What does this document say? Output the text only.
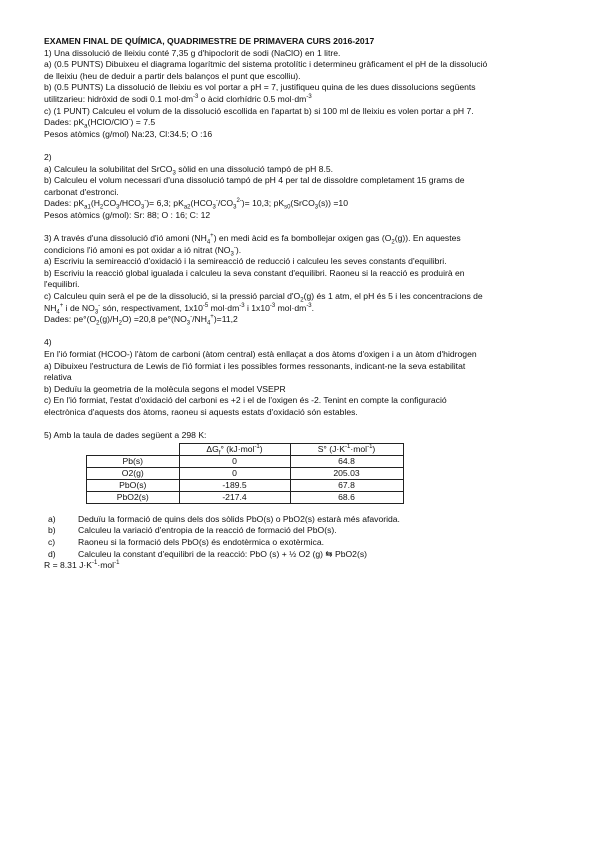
EXAMEN FINAL DE QUÍMICA, QUADRIMESTRE DE PRIMAVERA CURS 2016-2017

1) Una dissolució de lleixiu conté 7,35 g d'hipoclorit de sodi (NaClO) en 1 litre.

a) (0.5 PUNTS) Dibuixeu el diagrama logarítmic del sistema protolític i determineu gràficament el pH de la dissolució

de lleixiu (heu de deduir a partir dels balanços el punt que escolliu).

b) (0.5 PUNTS) La dissolució de lleixiu es vol portar a pH = 7, justifiqueu quina de les dues dissolucions següents

utilitzarieu: hidròxid de sodi 0.1 $mol\cdot dm^{-3}$ o àcid clorhídric 0.5 $mol\cdot dm^{-3}$

c) (1 PUNT) Calculeu el volum de la dissolució escollida en l'apartat b) si 100 ml de lleixiu es volen portar a pH 7.

Dades: $pK_a(HClO/ClO^-) = 7.5$

Pesos atòmics (g/mol) Na:23, Cl:34.5; O :16

2)

a) Calculeu la solubilitat del SrCO$_3$ sòlid en una dissolució tampó de pH 8.5.

b) Calculeu el volum necessari d'una dissolució tampó de pH 4 per tal de dissoldre completament 15 grams de

carbonat d'estronci.

Dades: $pK_{a1}(H_2CO_3/HCO_3^-)= 6,3$; $pK_{a2}(HCO_3^-/CO_3^{2-})= 10,3$; $pK_{s0}(SrCO_3(s)) =10$

Pesos atòmics (g/mol): Sr: 88; O : 16; C: 12

3) A través d'una dissolució d'ió amoni $(NH_4^+)$ en medi àcid es fa bombollejar oxigen gas $(O_2(g))$. En aquestes

condicions l'ió amoni es pot oxidar a ió nitrat $(NO_3^-)$.

a) Escriviu la semireacció d'oxidació i la semireacció de reducció i calculeu les seves constants d'equilibri.

b) Escriviu la reacció global igualada i calculeu la seva constant d'equilibri. Raoneu si la reacció es produirà en

l'equilibri.

c) Calculeu quin serà el pe de la dissolució, si la pressió parcial $d'O_2(g)$ és 1 atm, el pH és 5 i les concentracions de

$NH_4^+$ i de $NO_3^-$ són, respectivament, $1x10^{-5}$ $mol\cdot dm^{-3}$ i $1x10^{-3}$ $mol\cdot dm^{-3}$.

Dades: $pe^\circ(O_2(g)/H_2O) =20,8$ $pe^\circ(NO_3^-/NH_4^+)=11,2$

4)

En l'ió formiat (HCOO-) l'àtom de carboni (àtom central) està enllaçat a dos àtoms d'oxigen i a un àtom d'hidrogen

a) Dibuixeu l'estructura de Lewis de l'ió formiat i les possibles formes ressonants, indicant-ne la seva estabilitat

relativa

b) Deduïu la geometria de la molècula segons el model VSEPR

c) En l'ió formiat, l'estat d'oxidació del carboni es +2 i el de l'oxigen és -2. Tenint en compte la configuració

electrònica d'aquests dos àtoms, raoneu si aquests estats d'oxidació són estables.

5) Amb la taula de dades següent a 298 K:

	$\Delta G_f^\circ$ (kJ·mol$^{-1}$)	S° $(J\cdot K^{-1}\cdot mol^{-1})$
Pb(s)	0	64.8
O2(g)	0	205.03
PbO(s)	-189.5	67.8
PbO2(s)	-217.4	68.6
a)	Deduïu la formació de quins dels dos sòlids PbO(s) o PbO2(s) estarà més afavorida.
b)	Calculeu la variació d'entropia de la reacció de formació del PbO(s).
c)	Raoneu si la formació dels PbO(s) és endotèrmica o exotèrmica.
d)	Calculeu la constant d'equilibri de la reacció: PbO (s) + ½ O2 (g) ⇆ PbO2(s)

R = 8.31 $J\cdot K^{-1}\cdot mol^{-1}$
